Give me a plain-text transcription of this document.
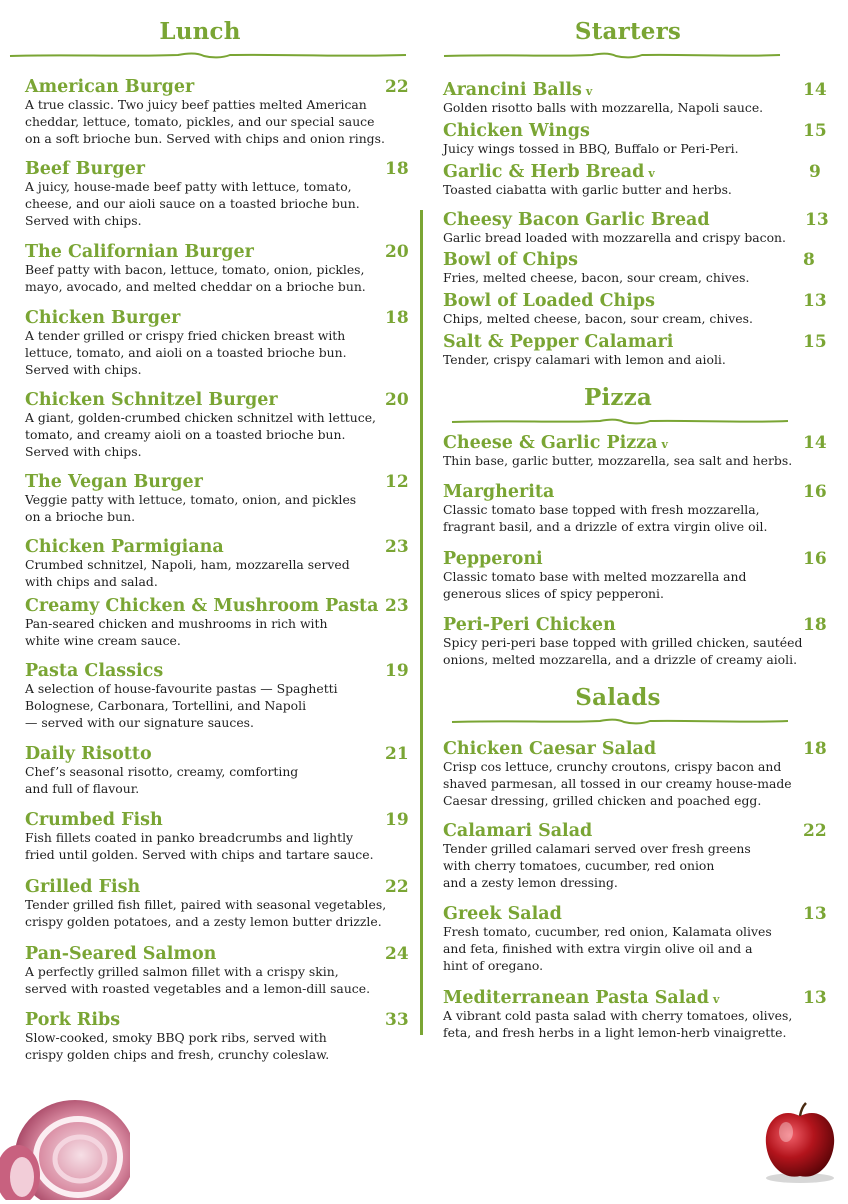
Lunch
American Burger	22
A true classic. Two juicy beef patties melted American
cheddar, lettuce, tomato, pickles, and our special sauce
on a soft brioche bun. Served with chips and onion rings.
Beef Burger	18
A juicy, house-made beef patty with lettuce, tomato,
cheese, and our aioli sauce on a toasted brioche bun.
Served with chips.
The Californian Burger	20
Beef patty with bacon, lettuce, tomato, onion, pickles,
mayo, avocado, and melted cheddar on a brioche bun.
Chicken Burger	18
A tender grilled or crispy fried chicken breast with
lettuce, tomato, and aioli on a toasted brioche bun.
Served with chips.
Chicken Schnitzel Burger	20
A giant, golden-crumbed chicken schnitzel with lettuce,
tomato, and creamy aioli on a toasted brioche bun.
Served with chips.
The Vegan Burger	12
Veggie patty with lettuce, tomato, onion, and pickles
on a brioche bun.
Chicken Parmigiana	23
Crumbed schnitzel, Napoli, ham, mozzarella served
with chips and salad.
Creamy Chicken & Mushroom Pasta 23
Pan-seared chicken and mushrooms in rich with
white wine cream sauce.
Pasta Classics	19
A selection of house-favourite pastas — Spaghetti
Bolognese, Carbonara, Tortellini, and Napoli
— served with our signature sauces.
Daily Risotto	21
Chef’s seasonal risotto, creamy, comforting
and full of flavour.
Crumbed Fish	19
Fish fillets coated in panko breadcrumbs and lightly
fried until golden. Served with chips and tartare sauce.
Grilled Fish	22
Tender grilled fish fillet, paired with seasonal vegetables,
crispy golden potatoes, and a zesty lemon butter drizzle.
Pan-Seared Salmon	24
A perfectly grilled salmon fillet with a crispy skin,
served with roasted vegetables and a lemon-dill sauce.
Pork Ribs	33
Slow-cooked, smoky BBQ pork ribs, served with
crispy golden chips and fresh, crunchy coleslaw.
Starters
Pizza
Salads
Arancini Balls v	14
Golden risotto balls with mozzarella, Napoli sauce.
Chicken Wings	15
Juicy wings tossed in BBQ, Buffalo or Peri-Peri.
Garlic & Herb Bread v	9
Toasted ciabatta with garlic butter and herbs.
Cheesy Bacon Garlic Bread	13
Garlic bread loaded with mozzarella and crispy bacon.
Bowl of Chips	8
Fries, melted cheese, bacon, sour cream, chives.
Bowl of Loaded Chips	13
Chips, melted cheese, bacon, sour cream, chives.
Salt & Pepper Calamari	15
Tender, crispy calamari with lemon and aioli.
Cheese & Garlic Pizza v	14
Thin base, garlic butter, mozzarella, sea salt and herbs.
Margherita	16
Classic tomato base topped with fresh mozzarella,
fragrant basil, and a drizzle of extra virgin olive oil.
Pepperoni	16
Classic tomato base with melted mozzarella and
generous slices of spicy pepperoni.
Peri-Peri Chicken	18
Spicy peri-peri base topped with grilled chicken, sautéed
onions, melted mozzarella, and a drizzle of creamy aioli.
Chicken Caesar Salad	18
Crisp cos lettuce, crunchy croutons, crispy bacon and
shaved parmesan, all tossed in our creamy house-made
Caesar dressing, grilled chicken and poached egg.
Calamari Salad	22
Tender grilled calamari served over fresh greens
with cherry tomatoes, cucumber, red onion
and a zesty lemon dressing.
Greek Salad	13
Fresh tomato, cucumber, red onion, Kalamata olives
and feta, finished with extra virgin olive oil and a
hint of oregano.
Mediterranean Pasta Salad v	13
A vibrant cold pasta salad with cherry tomatoes, olives,
feta, and fresh herbs in a light lemon-herb vinaigrette.
